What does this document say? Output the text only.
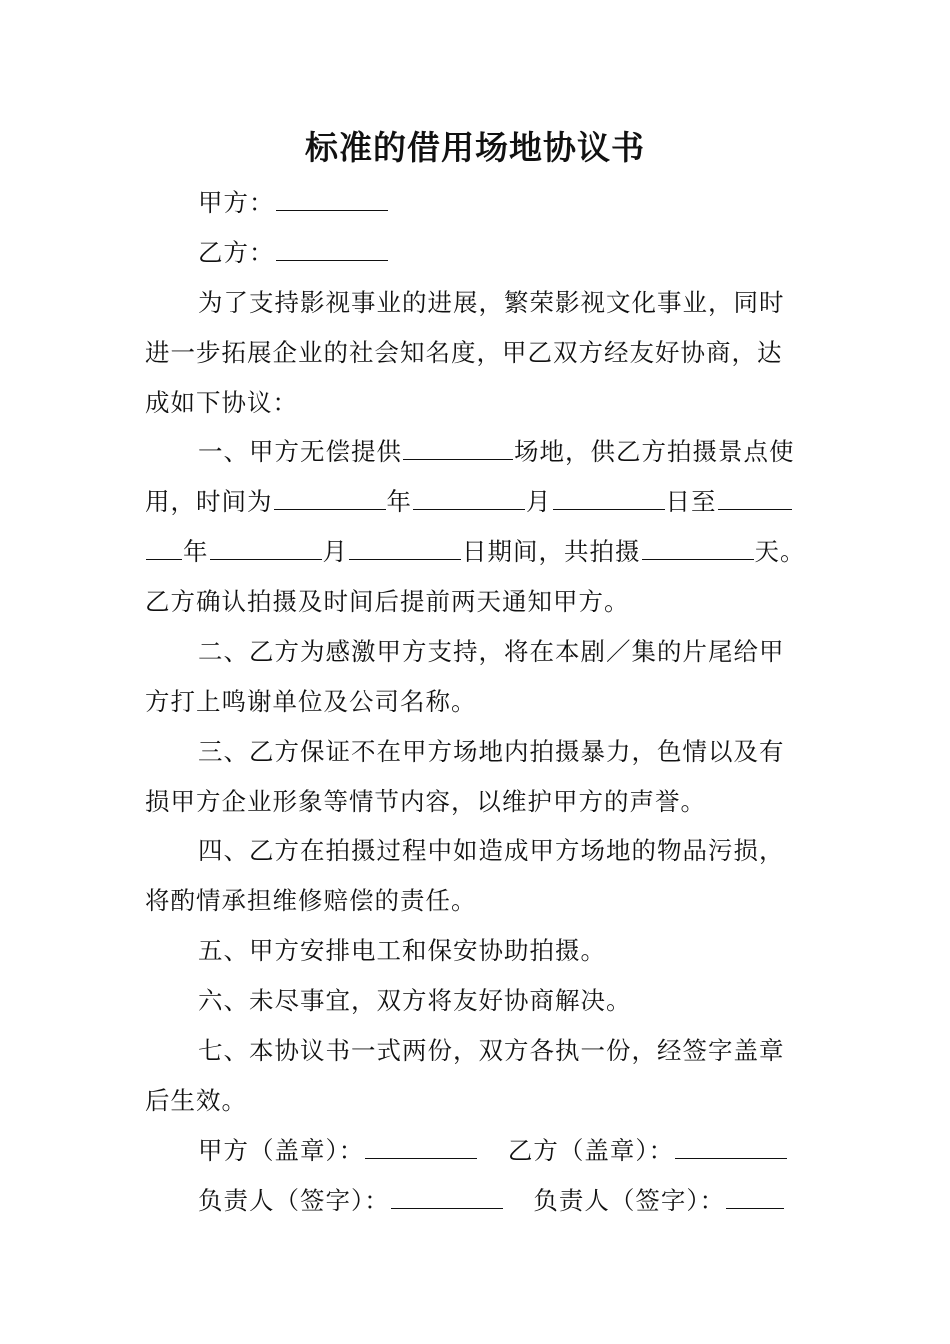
标准的借用场地协议书
甲方：
乙方：
为了支持影视事业的进展，繁荣影视文化事业，同时
进一步拓展企业的社会知名度，甲乙双方经友好协商，达
成如下协议：
一、甲方无偿提供	场地，供乙方拍摄景点使
用，时间为	年	月	日至
年	月	日期间，共拍摄	天。
乙方确认拍摄及时间后提前两天通知甲方。
二、乙方为感激甲方支持，将在本剧／集的片尾给甲
方打上鸣谢单位及公司名称。
三、乙方保证不在甲方场地内拍摄暴力，色情以及有
损甲方企业形象等情节内容，以维护甲方的声誉。
四、乙方在拍摄过程中如造成甲方场地的物品污损，
将酌情承担维修赔偿的责任。
五、甲方安排电工和保安协助拍摄。
六、未尽事宜，双方将友好协商解决。
七、本协议书一式两份，双方各执一份，经签字盖章
后生效。
甲方（盖章）：	乙方（盖章）：
负责人（签字）：	负责人（签字）：
